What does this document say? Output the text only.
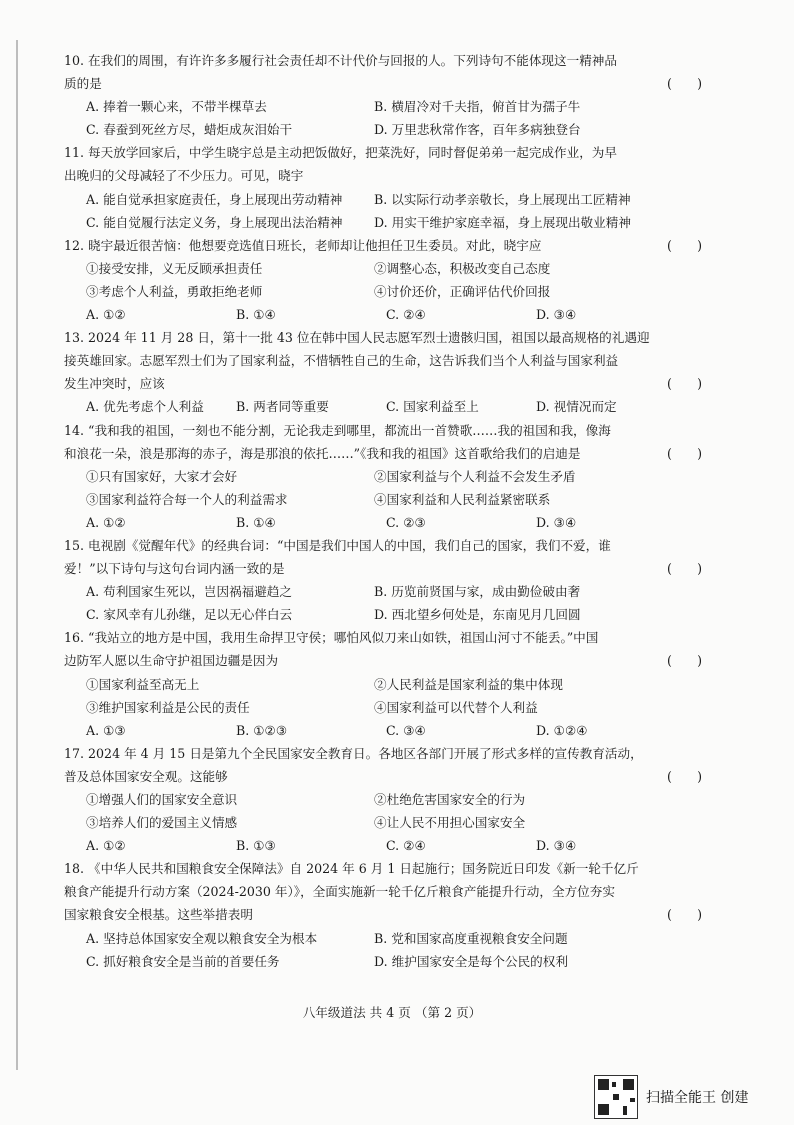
10. 在我们的周围，有许许多多履行社会责任却不计代价与回报的人。下列诗句不能体现这一精神品
质的是	(　　)
A. 捧着一颗心来，不带半棵草去	B. 横眉冷对千夫指，俯首甘为孺子牛
C. 春蚕到死丝方尽，蜡炬成灰泪始干	D. 万里悲秋常作客，百年多病独登台
11. 每天放学回家后，中学生晓宇总是主动把饭做好，把菜洗好，同时督促弟弟一起完成作业，为早
出晚归的父母减轻了不少压力。可见，晓宇
A. 能自觉承担家庭责任，身上展现出劳动精神	B. 以实际行动孝亲敬长，身上展现出工匠精神
C. 能自觉履行法定义务，身上展现出法治精神	D. 用实干维护家庭幸福，身上展现出敬业精神
12. 晓宇最近很苦恼：他想要竞选值日班长，老师却让他担任卫生委员。对此，晓宇应	(　　)
①接受安排，义无反顾承担责任	②调整心态，积极改变自己态度
③考虑个人利益，勇敢拒绝老师	④讨价还价，正确评估代价回报
A. ①②	B. ①④	C. ②④	D. ③④
13. 2024 年 11 月 28 日，第十一批 43 位在韩中国人民志愿军烈士遗骸归国，祖国以最高规格的礼遇迎
接英雄回家。志愿军烈士们为了国家利益，不惜牺牲自己的生命，这告诉我们当个人利益与国家利益
发生冲突时，应该	(　　)
A. 优先考虑个人利益	B. 两者同等重要	C. 国家利益至上	D. 视情况而定
14. “我和我的祖国，一刻也不能分割，无论我走到哪里，都流出一首赞歌……我的祖国和我，像海
和浪花一朵，浪是那海的赤子，海是那浪的依托……”《我和我的祖国》这首歌给我们的启迪是	(　　)
①只有国家好，大家才会好	②国家利益与个人利益不会发生矛盾
③国家利益符合每一个人的利益需求	④国家利益和人民利益紧密联系
A. ①②	B. ①④	C. ②③	D. ③④
15. 电视剧《觉醒年代》的经典台词：“中国是我们中国人的中国，我们自己的国家，我们不爱，谁
爱！”以下诗句与这句台词内涵一致的是	(　　)
A. 苟利国家生死以，岂因祸福避趋之	B. 历览前贤国与家，成由勤俭破由奢
C. 家风幸有儿孙继，足以无心伴白云	D. 西北望乡何处是，东南见月几回圆
16. “我站立的地方是中国，我用生命捍卫守侯；哪怕风似刀来山如铁，祖国山河寸不能丢。”中国
边防军人愿以生命守护祖国边疆是因为	(　　)
①国家利益至高无上	②人民利益是国家利益的集中体现
③维护国家利益是公民的责任	④国家利益可以代替个人利益
A. ①③	B. ①②③	C. ③④	D. ①②④
17. 2024 年 4 月 15 日是第九个全民国家安全教育日。各地区各部门开展了形式多样的宣传教育活动，
普及总体国家安全观。这能够	(　　)
①增强人们的国家安全意识	②杜绝危害国家安全的行为
③培养人们的爱国主义情感	④让人民不用担心国家安全
A. ①②	B. ①③	C. ②④	D. ③④
18. 《中华人民共和国粮食安全保障法》自 2024 年 6 月 1 日起施行；国务院近日印发《新一轮千亿斤
粮食产能提升行动方案（2024-2030 年）》，全面实施新一轮千亿斤粮食产能提升行动，全方位夯实
国家粮食安全根基。这些举措表明	(　　)
A. 坚持总体国家安全观以粮食安全为根本	B. 党和国家高度重视粮食安全问题
C. 抓好粮食安全是当前的首要任务	D. 维护国家安全是每个公民的权利
八年级道法 共 4 页 （第 2 页）
扫描全能王 创建
